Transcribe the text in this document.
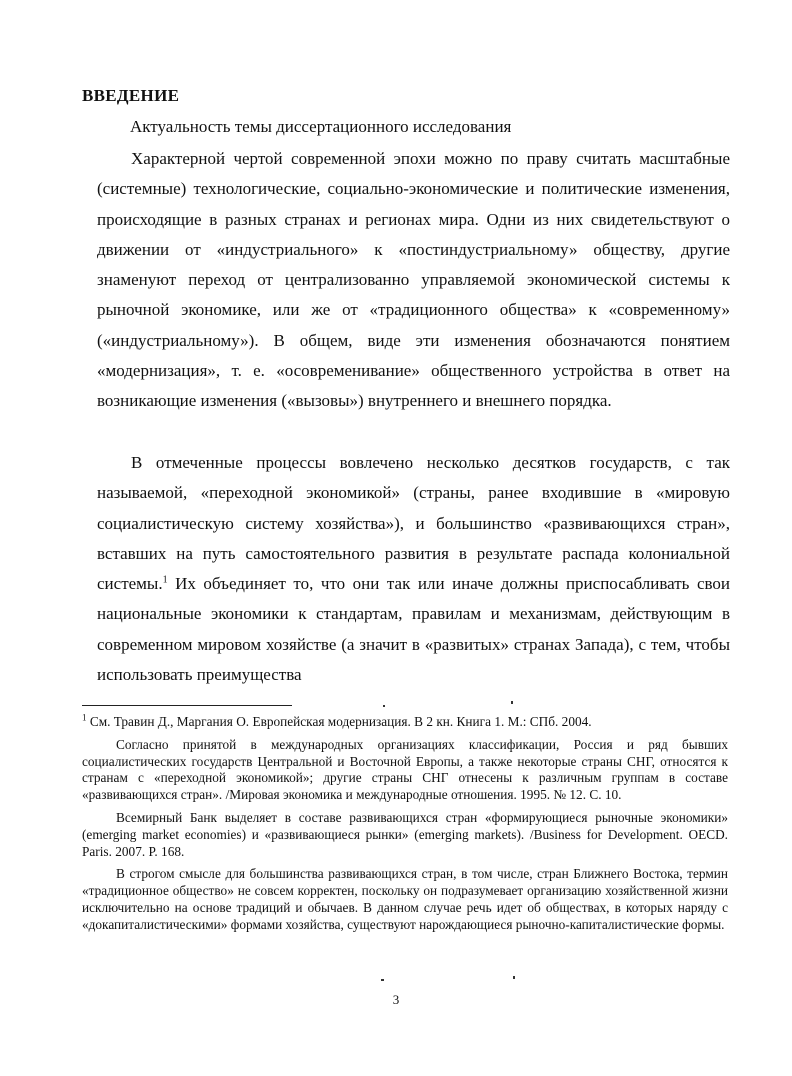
ВВЕДЕНИЕ

Актуальность темы диссертационного исследования

Характерной чертой современной эпохи можно по праву считать масштабные (системные) технологические, социально-экономические и политические изменения, происходящие в разных странах и регионах мира. Одни из них свидетельствуют о движении от «индустриального» к «постиндустриальному» обществу, другие знаменуют переход от централизованно управляемой экономической системы к рыночной экономике, или же от «традиционного общества» к «современному» («индустриальному»). В общем, виде эти изменения обозначаются понятием «модернизация», т. е. «осовременивание» общественного устройства в ответ на возникающие изменения («вызовы») внутреннего и внешнего порядка.

В отмеченные процессы вовлечено несколько десятков государств, с так называемой, «переходной экономикой» (страны, ранее входившие в «мировую социалистическую систему хозяйства»), и большинство «развивающихся стран», вставших на путь самостоятельного развития в результате распада колониальной системы.$^1$ Их объединяет то, что они так или иначе должны приспосабливать свои национальные экономики к стандартам, правилам и механизмам, действующим в современном мировом хозяйстве (а значит в «развитых» странах Запада), с тем, чтобы использовать преимущества

$^1$ См. Травин Д., Маргания О. Европейская модернизация. В 2 кн. Книга 1. М.: СПб. 2004.

Согласно принятой в международных организациях классификации, Россия и ряд бывших социалистических государств Центральной и Восточной Европы, а также некоторые страны СНГ, относятся к странам с «переходной экономикой»; другие страны СНГ отнесены к различным группам в составе «развивающихся стран». /Мировая экономика и международные отношения. 1995. № 12. С. 10.

Всемирный Банк выделяет в составе развивающихся стран «формирующиеся рыночные экономики» (emerging market economies) и «развивающиеся рынки» (emerging markets). /Business for Development. OECD. Paris. 2007. P. 168.

В строгом смысле для большинства развивающихся стран, в том числе, стран Ближнего Востока, термин «традиционное общество» не совсем корректен, поскольку он подразумевает организацию хозяйственной жизни исключительно на основе традиций и обычаев. В данном случае речь идет об обществах, в которых наряду с «докапиталистическими» формами хозяйства, существуют нарождающиеся рыночно-капиталистические формы.

3
